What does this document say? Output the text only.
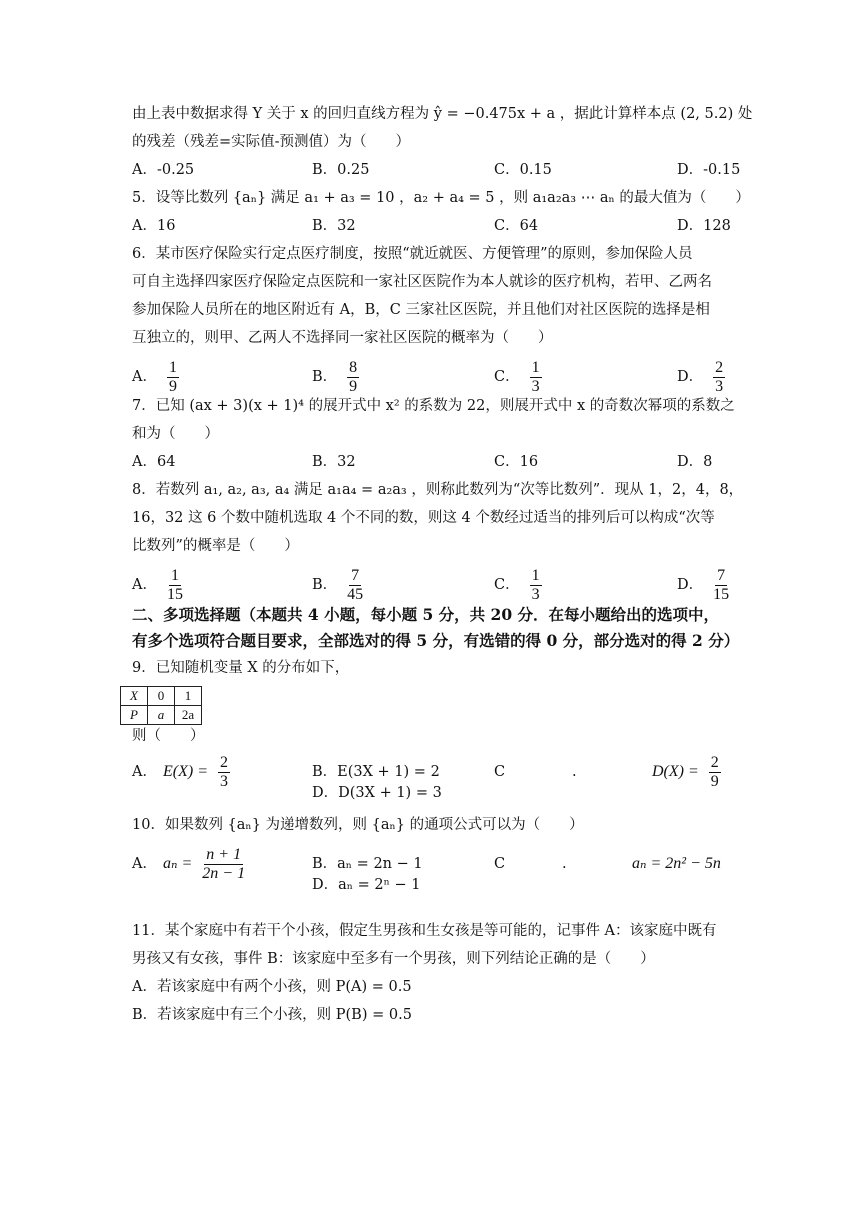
由上表中数据求得 Y 关于 x 的回归直线方程为 ŷ = −0.475x + a ，据此计算样本点 (2, 5.2) 处
的残差（残差=实际值-预测值）为（　　）
A．-0.25	B．0.25	C．0.15	D．-0.15
5．设等比数列 {aₙ} 满足 a₁ + a₃ = 10 ，a₂ + a₄ = 5 ，则 a₁a₂a₃ ⋯ aₙ 的最大值为（　　）
A．16	B．32	C．64	D．128
6．某市医疗保险实行定点医疗制度，按照“就近就医、方便管理”的原则，参加保险人员
可自主选择四家医疗保险定点医院和一家社区医院作为本人就诊的医疗机构，若甲、乙两名
参加保险人员所在的地区附近有 A，B，C 三家社区医院，并且他们对社区医院的选择是相
互独立的，则甲、乙两人不选择同一家社区医院的概率为（　　）
A． $\frac{1}{9}$	B． $\frac{8}{9}$	C． $\frac{1}{3}$	D． $\frac{2}{3}$
7．已知 (ax + 3)(x + 1)⁴ 的展开式中 x² 的系数为 22，则展开式中 x 的奇数次幂项的系数之
和为（　　）
A．64	B．32	C．16	D．8
8．若数列 a₁, a₂, a₃, a₄ 满足 a₁a₄ = a₂a₃ ，则称此数列为“次等比数列”．现从 1，2，4，8，
16，32 这 6 个数中随机选取 4 个不同的数，则这 4 个数经过适当的排列后可以构成“次等
比数列”的概率是（　　）
A． $\frac{1}{15}$	B． $\frac{7}{45}$	C． $\frac{1}{3}$	D． $\frac{7}{15}$
二、多项选择题（本题共 4 小题，每小题 5 分，共 20 分．在每小题给出的选项中，有多个选项符合题目要求，全部选对的得 5 分，有选错的得 0 分，部分选对的得 2 分）
9．已知随机变量 X 的分布如下，
X	0	1
P	a	2a
则（　　）
A． $E(X) = \frac{2}{3}$	B．E(3X + 1) = 2	C	.	$D(X) = \frac{2}{9}$
D．D(3X + 1) = 3
10．如果数列 {aₙ} 为递增数列，则 {aₙ} 的通项公式可以为（　　）
A． $a_n = \frac{n + 1}{2n - 1}$	B．aₙ = 2n − 1	C	.	aₙ = 2n² − 5n
D．aₙ = 2ⁿ − 1
11．某个家庭中有若干个小孩，假定生男孩和生女孩是等可能的，记事件 A：该家庭中既有
男孩又有女孩，事件 B：该家庭中至多有一个男孩，则下列结论正确的是（　　）
A．若该家庭中有两个小孩，则 P(A) = 0.5
B．若该家庭中有三个小孩，则 P(B) = 0.5
